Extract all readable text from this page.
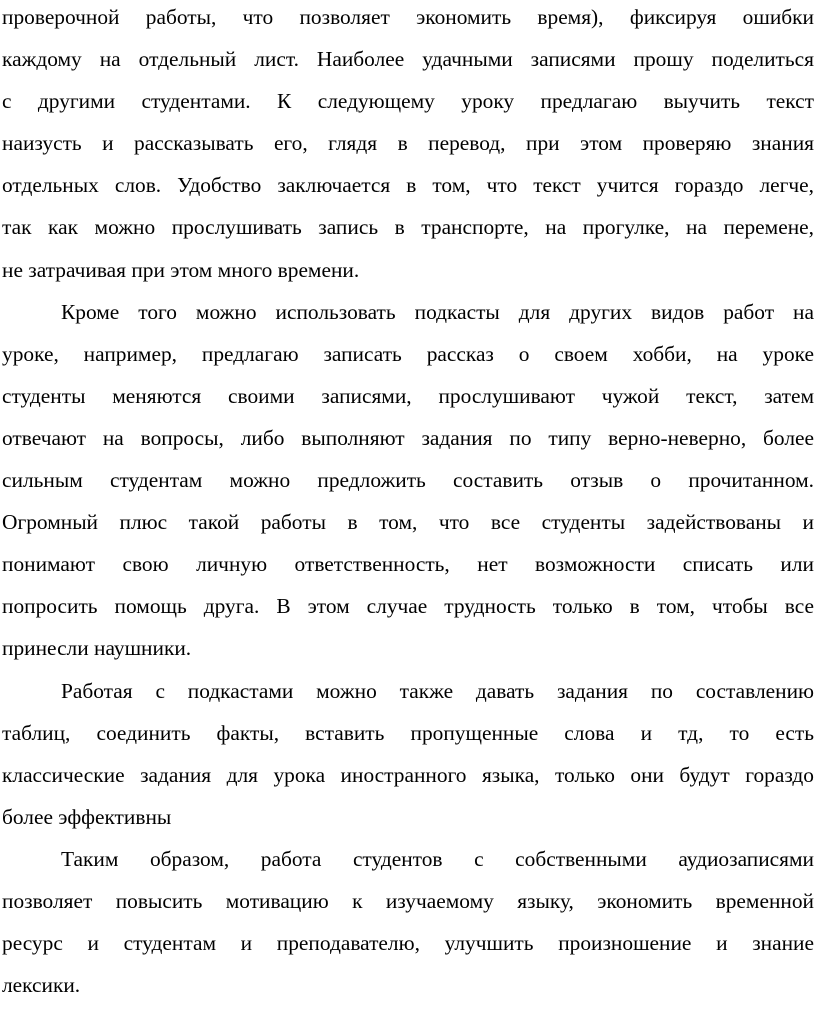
проверочной работы, что позволяет экономить время), фиксируя ошибки
каждому на отдельный лист. Наиболее удачными записями прошу поделиться
с другими студентами. К следующему уроку предлагаю выучить текст
наизусть и рассказывать его, глядя в перевод, при этом проверяю знания
отдельных слов. Удобство заключается в том, что текст учится гораздо легче,
так как можно прослушивать запись в транспорте, на прогулке, на перемене,
не затрачивая при этом много времени.
Кроме того можно использовать подкасты для других видов работ на
уроке, например, предлагаю записать рассказ о своем хобби, на уроке
студенты меняются своими записями, прослушивают чужой текст, затем
отвечают на вопросы, либо выполняют задания по типу верно-неверно, более
сильным студентам можно предложить составить отзыв о прочитанном.
Огромный плюс такой работы в том, что все студенты задействованы и
понимают свою личную ответственность, нет возможности списать или
попросить помощь друга. В этом случае трудность только в том, чтобы все
принесли наушники.
Работая с подкастами можно также давать задания по составлению
таблиц, соединить факты, вставить пропущенные слова и тд, то есть
классические задания для урока иностранного языка, только они будут гораздо
более эффективны
Таким образом, работа студентов с собственными аудиозаписями
позволяет повысить мотивацию к изучаемому языку, экономить временной
ресурс и студентам и преподавателю, улучшить произношение и знание
лексики.
